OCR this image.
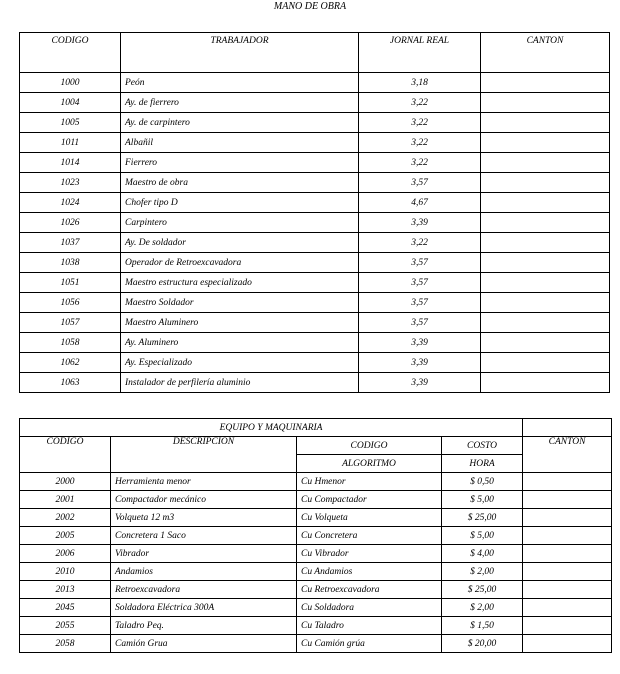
MANO DE OBRA
CODIGO	TRABAJADOR	JORNAL REAL	CANTON
1000	Peón	3,18	
1004	Ay. de fierrero	3,22	
1005	Ay. de carpintero	3,22	
1011	Albañil	3,22	
1014	Fierrero	3,22	
1023	Maestro de obra	3,57	
1024	Chofer tipo D	4,67	
1026	Carpintero	3,39	
1037	Ay. De soldador	3,22	
1038	Operador de Retroexcavadora	3,57	
1051	Maestro estructura especializado	3,57	
1056	Maestro Soldador	3,57	
1057	Maestro Aluminero	3,57	
1058	Ay. Aluminero	3,39	
1062	Ay. Especializado	3,39	
1063	Instalador de perfilería aluminio	3,39	
EQUIPO Y MAQUINARIA				
CODIGO	DESCRIPCION	CODIGO	COSTO	CANTON
		ALGORITMO	HORA	
2000	Herramienta menor	Cu Hmenor	$ 0,50	
2001	Compactador mecánico	Cu Compactador	$ 5,00	
2002	Volqueta 12 m3	Cu Volqueta	$ 25,00	
2005	Concretera 1 Saco	Cu Concretera	$ 5,00	
2006	Vibrador	Cu Vibrador	$ 4,00	
2010	Andamios	Cu Andamios	$ 2,00	
2013	Retroexcavadora	Cu Retroexcavadora	$ 25,00	
2045	Soldadora Eléctrica 300A	Cu Soldadora	$ 2,00	
2055	Taladro Peq.	Cu Taladro	$ 1,50	
2058	Camión Grua	Cu Camión grúa	$ 20,00	
